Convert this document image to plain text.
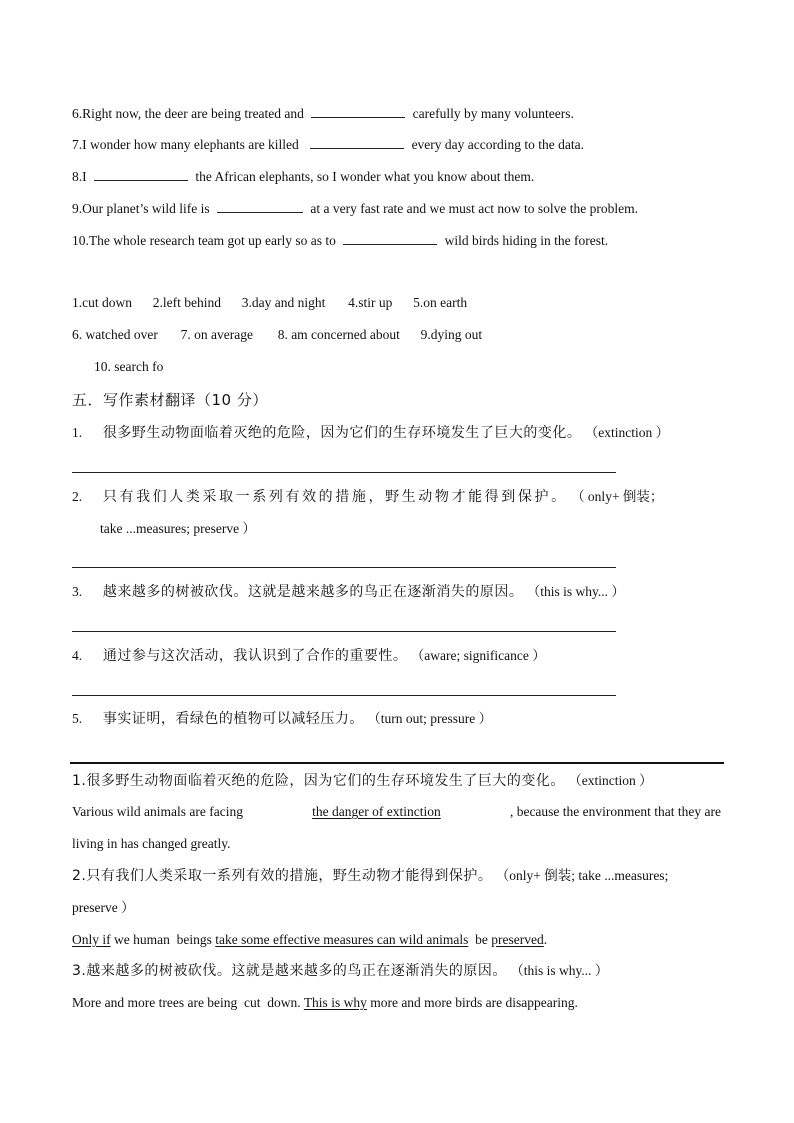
6.Right now, the deer are being treated and	carefully by many volunteers.
7.I wonder how many elephants are killed	every day according to the data.
8.I	the African elephants, so I wonder what you know about them.
9.Our planet’s wild life is	at a very fast rate and we must act now to solve the problem.
10.The whole research team got up early so as to	wild birds hiding in the forest.
1.cut down 2.left behind 3.day and night 4.stir up 5.on earth
6. watched over 7. on average 8. am concerned about 9.dying out
10. search fo
五．写作素材翻译（10 分）
1. 很多野生动物面临着灭绝的危险，因为它们的生存环境发生了巨大的变化。 （extinction ）
2. 只有我们人类采取一系列有效的措施，野生动物才能得到保护。 （ only+ 倒装；
take ...measures; preserve ）
3. 越来越多的树被砍伐。这就是越来越多的鸟正在逐渐消失的原因。 （this is why... ）
4. 通过参与这次活动，我认识到了合作的重要性。 （aware; significance ）
5. 事实证明，看绿色的植物可以减轻压力。 （turn out; pressure ）
1.很多野生动物面临着灭绝的危险，因为它们的生存环境发生了巨大的变化。 （extinction ）
Various wild animals are facing	the danger of extinction	, because the environment that they are
living in has changed greatly.
2.只有我们人类采取一系列有效的措施，野生动物才能得到保护。 （only+ 倒装; take ...measures;
preserve ）
Only if we human  beings take some effective measures can wild animals  be preserved.
3.越来越多的树被砍伐。这就是越来越多的鸟正在逐渐消失的原因。 （this is why... ）
More and more trees are being  cut  down. This is why more and more birds are disappearing.
